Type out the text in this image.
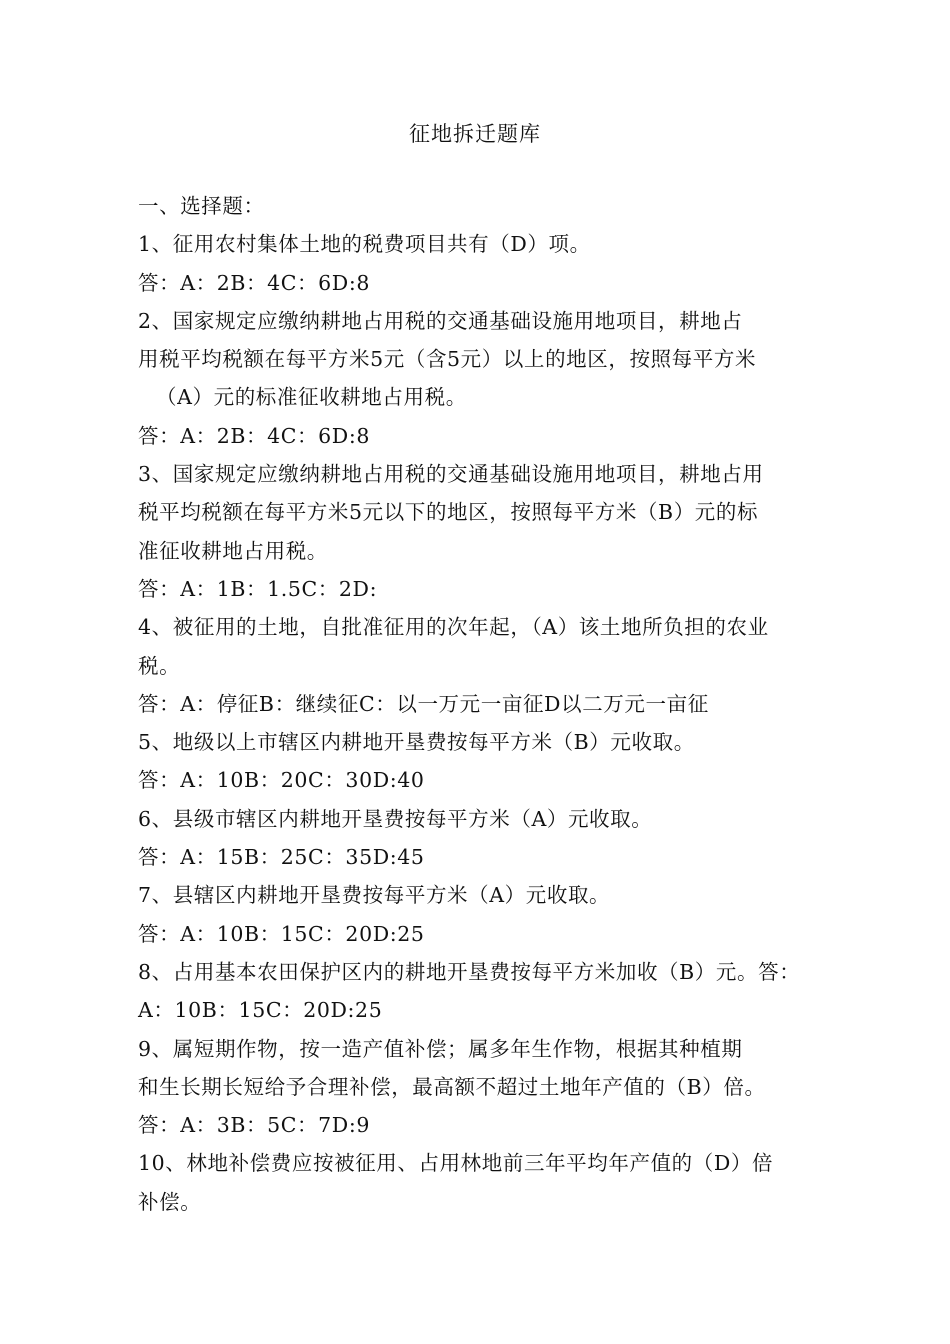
征地拆迁题库
一、选择题：
1、征用农村集体土地的税费项目共有（D）项。
答：A：2B：4C：6D:8
2、国家规定应缴纳耕地占用税的交通基础设施用地项目，耕地占
用税平均税额在每平方米5元（含5元）以上的地区，按照每平方米
（A）元的标准征收耕地占用税。
答：A：2B：4C：6D:8
3、国家规定应缴纳耕地占用税的交通基础设施用地项目，耕地占用
税平均税额在每平方米5元以下的地区，按照每平方米（B）元的标
准征收耕地占用税。
答：A：1B：1.5C：2D:
4、被征用的土地，自批准征用的次年起，（A）该土地所负担的农业
税。
答：A：停征B：继续征C：以一万元一亩征D以二万元一亩征
5、地级以上市辖区内耕地开垦费按每平方米（B）元收取。
答：A：10B：20C：30D:40
6、县级市辖区内耕地开垦费按每平方米（A）元收取。
答：A：15B：25C：35D:45
7、县辖区内耕地开垦费按每平方米（A）元收取。
答：A：10B：15C：20D:25
8、占用基本农田保护区内的耕地开垦费按每平方米加收（B）元。答：
A：10B：15C：20D:25
9、属短期作物，按一造产值补偿；属多年生作物，根据其种植期
和生长期长短给予合理补偿，最高额不超过土地年产值的（B）倍。
答：A：3B：5C：7D:9
10、林地补偿费应按被征用、占用林地前三年平均年产值的（D）倍
补偿。
